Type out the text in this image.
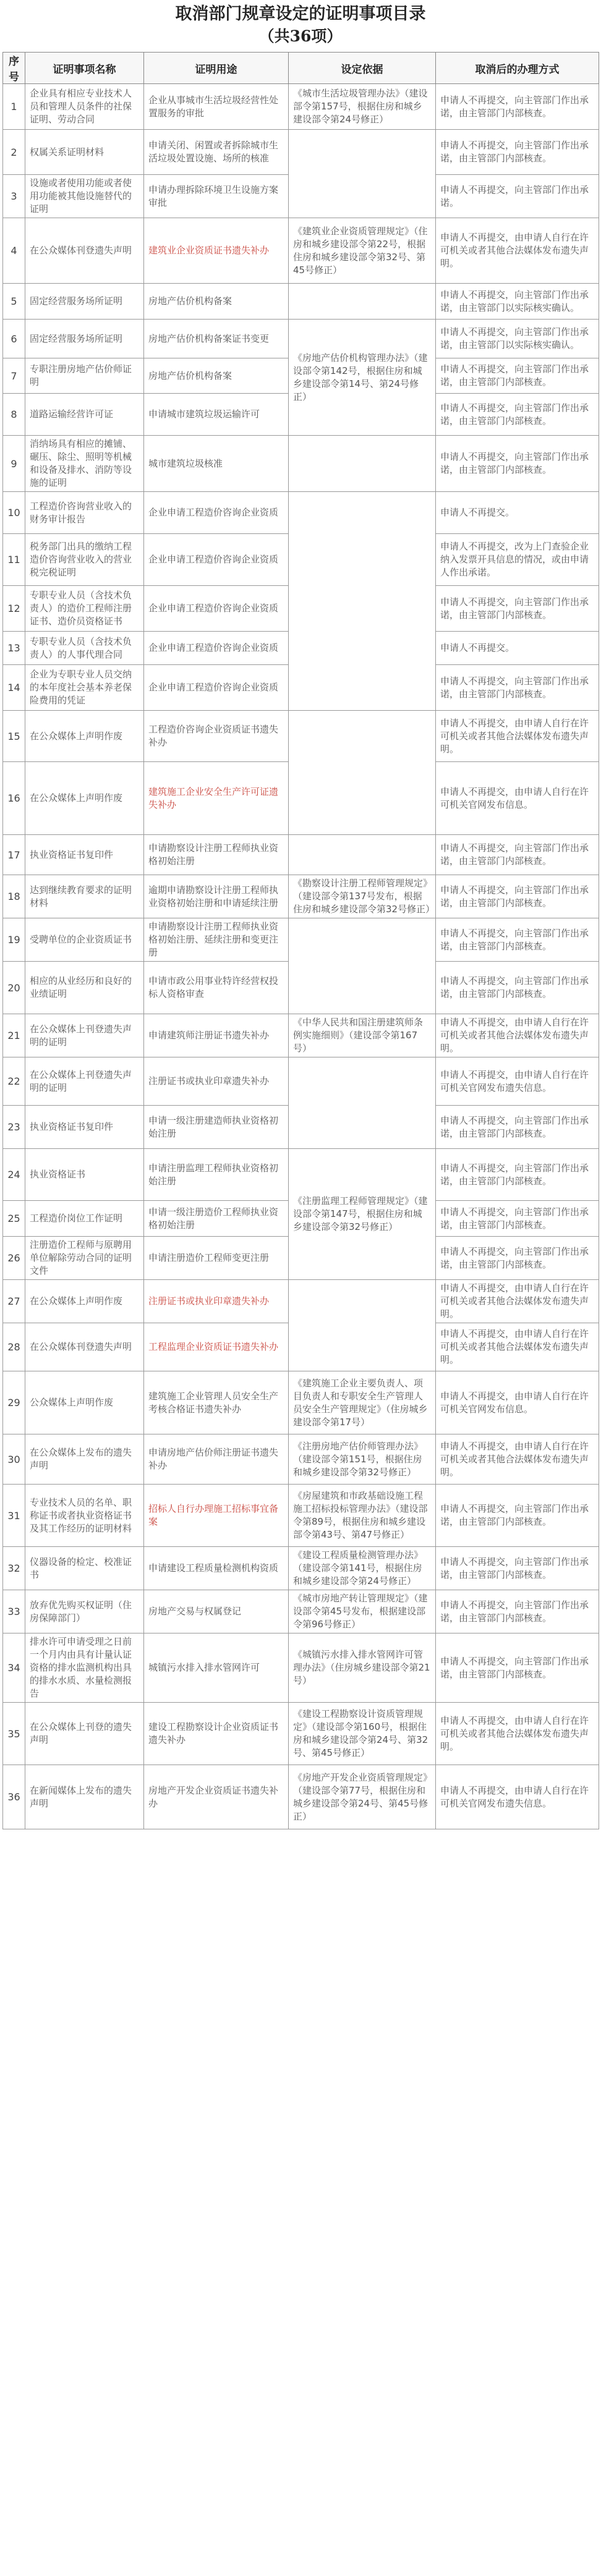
取消部门规章设定的证明事项目录
（共36项）
序号	证明事项名称	证明用途	设定依据	取消后的办理方式
1	企业具有相应专业技术人员和管理人员条件的社保证明、劳动合同	企业从事城市生活垃圾经营性处置服务的审批	《城市生活垃圾管理办法》（建设部令第157号，根据住房和城乡建设部令第24号修正）	申请人不再提交，向主管部门作出承诺，由主管部门内部核查。
2	权属关系证明材料	申请关闭、闲置或者拆除城市生活垃圾处置设施、场所的核准		申请人不再提交，向主管部门作出承诺，由主管部门内部核查。
3	设施或者使用功能或者使用功能被其他设施替代的证明	申请办理拆除环境卫生设施方案审批		申请人不再提交，向主管部门作出承诺。
4	在公众媒体刊登遗失声明	建筑业企业资质证书遗失补办	《建筑业企业资质管理规定》（住房和城乡建设部令第22号，根据住房和城乡建设部令第32号、第45号修正）	申请人不再提交，由申请人自行在许可机关或者其他合法媒体发布遗失声明。
5	固定经营服务场所证明	房地产估价机构备案		申请人不再提交，向主管部门作出承诺，由主管部门以实际核实确认。
6	固定经营服务场所证明	房地产估价机构备案证书变更	《房地产估价机构管理办法》（建设部令第142号，根据住房和城乡建设部令第14号、第24号修正）	申请人不再提交，向主管部门作出承诺，由主管部门以实际核实确认。
7	专职注册房地产估价师证明	房地产估价机构备案		申请人不再提交，向主管部门作出承诺，由主管部门内部核查。
8	道路运输经营许可证	申请城市建筑垃圾运输许可		申请人不再提交，向主管部门作出承诺，由主管部门内部核查。
9	消纳场具有相应的摊铺、碾压、除尘、照明等机械和设备及排水、消防等设施的证明	城市建筑垃圾核准		申请人不再提交，向主管部门作出承诺，由主管部门内部核查。
10	工程造价咨询营业收入的财务审计报告	企业申请工程造价咨询企业资质		申请人不再提交。
11	税务部门出具的缴纳工程造价咨询营业收入的营业税完税证明	企业申请工程造价咨询企业资质		申请人不再提交，改为上门查验企业纳入发票开具信息的情况，或由申请人作出承诺。
12	专职专业人员（含技术负责人）的造价工程师注册证书、造价员资格证书	企业申请工程造价咨询企业资质		申请人不再提交，向主管部门作出承诺，由主管部门内部核查。
13	专职专业人员（含技术负责人）的人事代理合同	企业申请工程造价咨询企业资质		申请人不再提交。
14	企业为专职专业人员交纳的本年度社会基本养老保险费用的凭证	企业申请工程造价咨询企业资质		申请人不再提交，向主管部门作出承诺，由主管部门内部核查。
15	在公众媒体上声明作废	工程造价咨询企业资质证书遗失补办		申请人不再提交，由申请人自行在许可机关或者其他合法媒体发布遗失声明。
16	在公众媒体上声明作废	建筑施工企业安全生产许可证遗失补办		申请人不再提交，由申请人自行在许可机关官网发布信息。
17	执业资格证书复印件	申请勘察设计注册工程师执业资格初始注册		申请人不再提交，向主管部门作出承诺，由主管部门内部核查。
18	达到继续教育要求的证明材料	逾期申请勘察设计注册工程师执业资格初始注册和申请延续注册	《勘察设计注册工程师管理规定》（建设部令第137号发布，根据住房和城乡建设部令第32号修正）	申请人不再提交，向主管部门作出承诺，由主管部门内部核查。
19	受聘单位的企业资质证书	申请勘察设计注册工程师执业资格初始注册、延续注册和变更注册		申请人不再提交，向主管部门作出承诺，由主管部门内部核查。
20	相应的从业经历和良好的业绩证明	申请市政公用事业特许经营权投标人资格审查		申请人不再提交，向主管部门作出承诺，由主管部门内部核查。
21	在公众媒体上刊登遗失声明的证明	申请建筑师注册证书遗失补办	《中华人民共和国注册建筑师条例实施细则》（建设部令第167号）	申请人不再提交，由申请人自行在许可机关或者其他合法媒体发布遗失声明。
22	在公众媒体上刊登遗失声明的证明	注册证书或执业印章遗失补办		申请人不再提交，由申请人自行在许可机关官网发布遗失信息。
23	执业资格证书复印件	申请一级注册建造师执业资格初始注册		申请人不再提交，向主管部门作出承诺，由主管部门内部核查。
24	执业资格证书	申请注册监理工程师执业资格初始注册	《注册监理工程师管理规定》（建设部令第147号，根据住房和城乡建设部令第32号修正）	申请人不再提交，向主管部门作出承诺，由主管部门内部核查。
25	工程造价岗位工作证明	申请一级注册造价工程师执业资格初始注册		申请人不再提交，向主管部门作出承诺，由主管部门内部核查。
26	注册造价工程师与原聘用单位解除劳动合同的证明文件	申请注册造价工程师变更注册		申请人不再提交，向主管部门作出承诺，由主管部门内部核查。
27	在公众媒体上声明作废	注册证书或执业印章遗失补办		申请人不再提交，由申请人自行在许可机关或者其他合法媒体发布遗失声明。
28	在公众媒体刊登遗失声明	工程监理企业资质证书遗失补办		申请人不再提交，由申请人自行在许可机关或者其他合法媒体发布遗失声明。
29	公众媒体上声明作废	建筑施工企业管理人员安全生产考核合格证书遗失补办	《建筑施工企业主要负责人、项目负责人和专职安全生产管理人员安全生产管理规定》（住房城乡建设部令第17号）	申请人不再提交，由申请人自行在许可机关官网发布信息。
30	在公众媒体上发布的遗失声明	申请房地产估价师注册证书遗失补办	《注册房地产估价师管理办法》（建设部令第151号，根据住房和城乡建设部令第32号修正）	申请人不再提交，由申请人自行在许可机关或者其他合法媒体发布遗失声明。
31	专业技术人员的名单、职称证书或者执业资格证书及其工作经历的证明材料	招标人自行办理施工招标事宜备案	《房屋建筑和市政基础设施工程施工招标投标管理办法》（建设部令第89号，根据住房和城乡建设部令第43号、第47号修正）	申请人不再提交，向主管部门作出承诺，由主管部门内部核查。
32	仪器设备的检定、校准证书	申请建设工程质量检测机构资质	《建设工程质量检测管理办法》（建设部令第141号，根据住房和城乡建设部令第24号修正）	申请人不再提交，向主管部门作出承诺，由主管部门内部核查。
33	放弃优先购买权证明（住房保障部门）	房地产交易与权属登记	《城市房地产转让管理规定》（建设部令第45号发布，根据建设部令第96号修正）	申请人不再提交，向主管部门作出承诺，由主管部门内部核查。
34	排水许可申请受理之日前一个月内由具有计量认证资格的排水监测机构出具的排水水质、水量检测报告	城镇污水排入排水管网许可	《城镇污水排入排水管网许可管理办法》（住房城乡建设部令第21号）	申请人不再提交，向主管部门作出承诺，由主管部门内部核查。
35	在公众媒体上刊登的遗失声明	建设工程勘察设计企业资质证书遗失补办	《建设工程勘察设计资质管理规定》（建设部令第160号，根据住房和城乡建设部令第24号、第32号、第45号修正）	申请人不再提交，由申请人自行在许可机关或者其他合法媒体发布遗失声明。
36	在新闻媒体上发布的遗失声明	房地产开发企业资质证书遗失补办	《房地产开发企业资质管理规定》（建设部令第77号，根据住房和城乡建设部令第24号、第45号修正）	申请人不再提交，由申请人自行在许可机关官网发布遗失信息。
